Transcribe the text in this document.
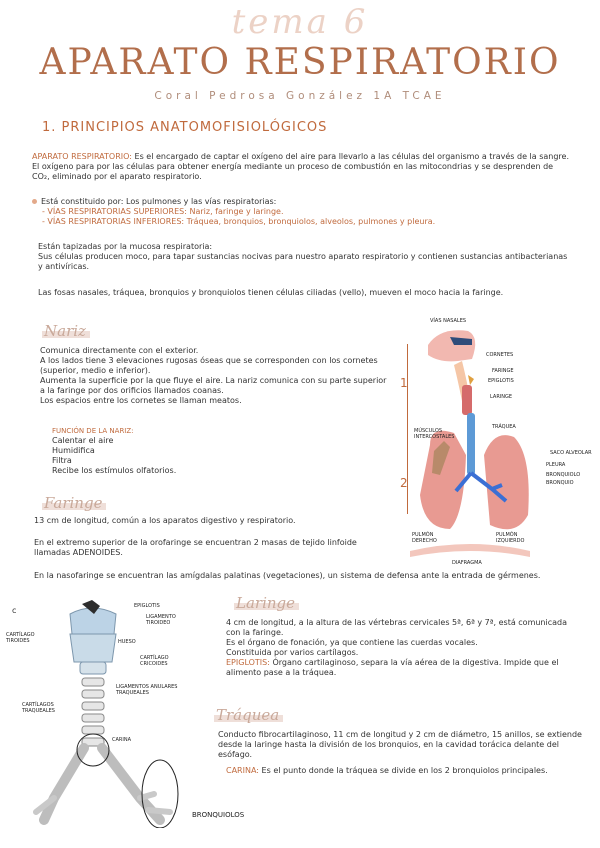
tema 6
APARATO RESPIRATORIO
Coral Pedrosa González 1A TCAE
1. PRINCIPIOS ANATOMOFISIOLÓGICOS
APARATO RESPIRATORIO: Es el encargado de captar el oxígeno del aire para llevarlo a las células del organismo a través de la sangre. El oxígeno para por las células para obtener energía mediante un proceso de combustión en las mitocondrias y se desprenden de CO₂, eliminado por el aparato respiratorio.
Está constituido por: Los pulmones y las vías respiratorias:
- VÍAS RESPIRATORIAS SUPERIORES: Nariz, faringe y laringe.
- VÍAS RESPIRATORIAS INFERIORES: Tráquea, bronquios, bronquiolos, alveolos, pulmones y pleura.
Están tapizadas por la mucosa respiratoria:
Sus células producen moco, para tapar sustancias nocivas para nuestro aparato respiratorio y contienen sustancias antibacterianas y antivíricas.
Las fosas nasales, tráquea, bronquios y bronquiolos tienen células ciliadas (vello), mueven el moco hacia la faringe.
Nariz
Comunica directamente con el exterior.
A los lados tiene 3 elevaciones rugosas óseas que se corresponden con los cornetes (superior, medio e inferior).
Aumenta la superficie por la que fluye el aire. La nariz comunica con su parte superior a la faringe por dos orificios llamados coanas.
Los espacios entre los cornetes se llaman meatos.
FUNCIÓN DE LA NARIZ:
Calentar el aire
Humidifica
Filtra
Recibe los estímulos olfatorios.
Faringe
13 cm de longitud, común a los aparatos digestivo y respiratorio.
En el extremo superior de la orofaringe se encuentran 2 masas de tejido linfoide llamadas ADENOIDES.
En la nasofaringe se encuentran las amígdalas palatinas (vegetaciones), un sistema de defensa ante la entrada de gérmenes.
Laringe
4 cm de longitud, a la altura de las vértebras cervicales 5ª, 6ª y 7ª, está comunicada con la faringe.
Es el órgano de fonación, ya que contiene las cuerdas vocales.
Constituida por varios cartílagos.
EPIGLOTIS: Órgano cartilaginoso, separa la vía aérea de la digestiva. Impide que el alimento pase a la tráquea.
Tráquea
Conducto fibrocartilaginoso, 11 cm de longitud y 2 cm de diámetro, 15 anillos, se extiende desde la laringe hasta la división de los bronquios, en la cavidad torácica delante del esófago.
CARINA: Es el punto donde la tráquea se divide en los 2 bronquiolos principales.
1
2
VÍAS NASALES
CORNETES
FARINGE
EPIGLOTIS
LARINGE
TRÁQUEA
MÚSCULOS INTERCOSTALES
SACO ALVEOLAR
PLEURA
BRONQUIOLO
BRONQUIO
PULMÓN DERECHO
PULMÓN IZQUIERDO
DIAFRAGMA
c	EPIGLOTIS
LIGAMENTO TIROIDEO
HUESO
CARTÍLAGO TIROIDES
CARTÍLAGO CRICOIDES
LIGAMENTOS ANULARES TRAQUEALES
CARTÍLAGOS TRAQUEALES
CARINA
BRONQUIOLOS
